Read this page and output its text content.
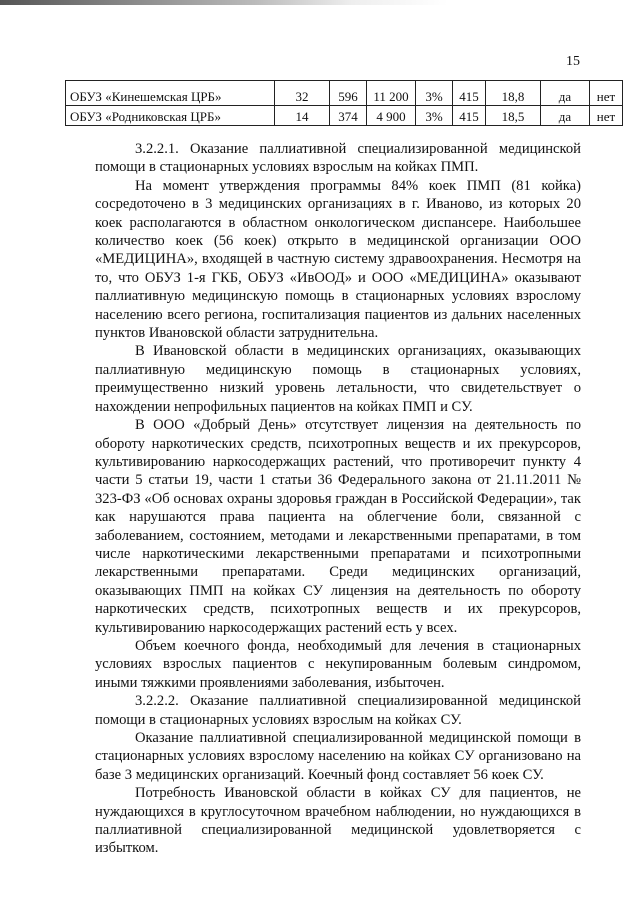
15
ОБУЗ «Кинешемская ЦРБ»	32	596	11 200	3%	415	18,8	да	нет
ОБУЗ «Родниковская ЦРБ»	14	374	4 900	3%	415	18,5	да	нет

3.2.2.1. Оказание паллиативной специализированной медицинской помощи в стационарных условиях взрослым на койках ПМП.

На момент утверждения программы 84% коек ПМП (81 койка) сосредоточено в 3 медицинских организациях в г. Иваново, из которых 20 коек располагаются в областном онкологическом диспансере. Наибольшее количество коек (56 коек) открыто в медицинской организации ООО «МЕДИЦИНА», входящей в частную систему здравоохранения. Несмотря на то, что ОБУЗ 1-я ГКБ, ОБУЗ «ИвООД» и ООО «МЕДИЦИНА» оказывают паллиативную медицинскую помощь в стационарных условиях взрослому населению всего региона, госпитализация пациентов из дальних населенных пунктов Ивановской области затруднительна.

В Ивановской области в медицинских организациях, оказывающих паллиативную медицинскую помощь в стационарных условиях, преимущественно низкий уровень летальности, что свидетельствует о нахождении непрофильных пациентов на койках ПМП и СУ.

В ООО «Добрый День» отсутствует лицензия на деятельность по обороту наркотических средств, психотропных веществ и их прекурсоров, культивированию наркосодержащих растений, что противоречит пункту 4 части 5 статьи 19, части 1 статьи 36 Федерального закона от 21.11.2011 № 323-ФЗ «Об основах охраны здоровья граждан в Российской Федерации», так как нарушаются права пациента на облегчение боли, связанной с заболеванием, состоянием, методами и лекарственными препаратами, в том числе наркотическими лекарственными препаратами и психотропными лекарственными препаратами. Среди медицинских организаций, оказывающих ПМП на койках СУ лицензия на деятельность по обороту наркотических средств, психотропных веществ и их прекурсоров, культивированию наркосодержащих растений есть у всех.

Объем коечного фонда, необходимый для лечения в стационарных условиях взрослых пациентов с некупированным болевым синдромом, иными тяжкими проявлениями заболевания, избыточен.

3.2.2.2. Оказание паллиативной специализированной медицинской помощи в стационарных условиях взрослым на койках СУ.

Оказание паллиативной специализированной медицинской помощи в стационарных условиях взрослому населению на койках СУ организовано на базе 3 медицинских организаций. Коечный фонд составляет 56 коек СУ.

Потребность Ивановской области в койках СУ для пациентов, не нуждающихся в круглосуточном врачебном наблюдении, но нуждающихся в паллиативной специализированной медицинской удовлетворяется с избытком.
